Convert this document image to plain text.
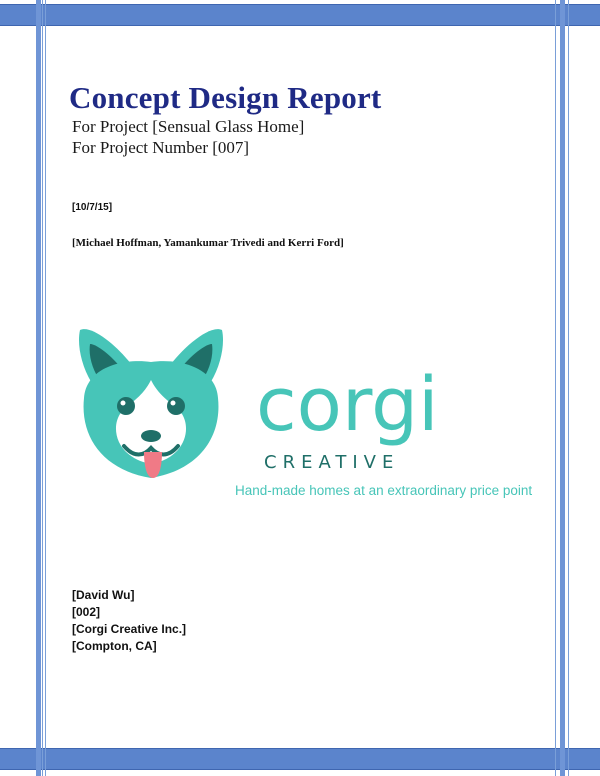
Concept Design Report
For Project [Sensual Glass Home]
For Project Number [007]
[10/7/15]
[Michael Hoffman, Yamankumar Trivedi and Kerri Ford]
corgi
CREATIVE
Hand-made homes at an extraordinary price point
[David Wu]
[002]
[Corgi Creative Inc.]
[Compton, CA]
